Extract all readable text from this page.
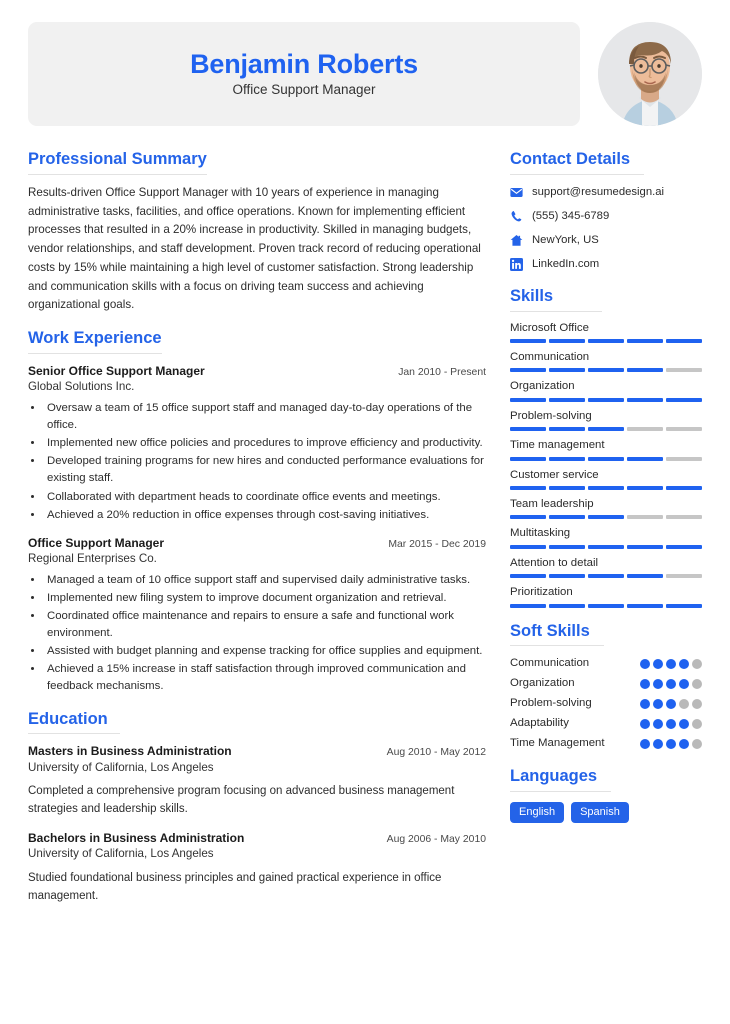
Benjamin Roberts
Office Support Manager
Professional Summary
Results-driven Office Support Manager with 10 years of experience in managing administrative tasks, facilities, and office operations. Known for implementing efficient processes that resulted in a 20% increase in productivity. Skilled in managing budgets, vendor relationships, and staff development. Proven track record of reducing operational costs by 15% while maintaining a high level of customer satisfaction. Strong leadership and communication skills with a focus on driving team success and achieving organizational goals.
Work Experience
Senior Office Support Manager	Jan 2010 - Present
Global Solutions Inc.
• Oversaw a team of 15 office support staff and managed day-to-day operations of the office.
• Implemented new office policies and procedures to improve efficiency and productivity.
• Developed training programs for new hires and conducted performance evaluations for existing staff.
• Collaborated with department heads to coordinate office events and meetings.
• Achieved a 20% reduction in office expenses through cost-saving initiatives.
Office Support Manager	Mar 2015 - Dec 2019
Regional Enterprises Co.
• Managed a team of 10 office support staff and supervised daily administrative tasks.
• Implemented new filing system to improve document organization and retrieval.
• Coordinated office maintenance and repairs to ensure a safe and functional work environment.
• Assisted with budget planning and expense tracking for office supplies and equipment.
• Achieved a 15% increase in staff satisfaction through improved communication and feedback mechanisms.
Education
Masters in Business Administration	Aug 2010 - May 2012
University of California, Los Angeles
Completed a comprehensive program focusing on advanced business management strategies and leadership skills.
Bachelors in Business Administration	Aug 2006 - May 2010
University of California, Los Angeles
Studied foundational business principles and gained practical experience in office management.
Contact Details
support@resumedesign.ai
(555) 345-6789
NewYork, US
LinkedIn.com
Skills
Microsoft Office
Communication
Organization
Problem-solving
Time management
Customer service
Team leadership
Multitasking
Attention to detail
Prioritization
Soft Skills
Communication
Organization
Problem-solving
Adaptability
Time Management
Languages
English	Spanish
